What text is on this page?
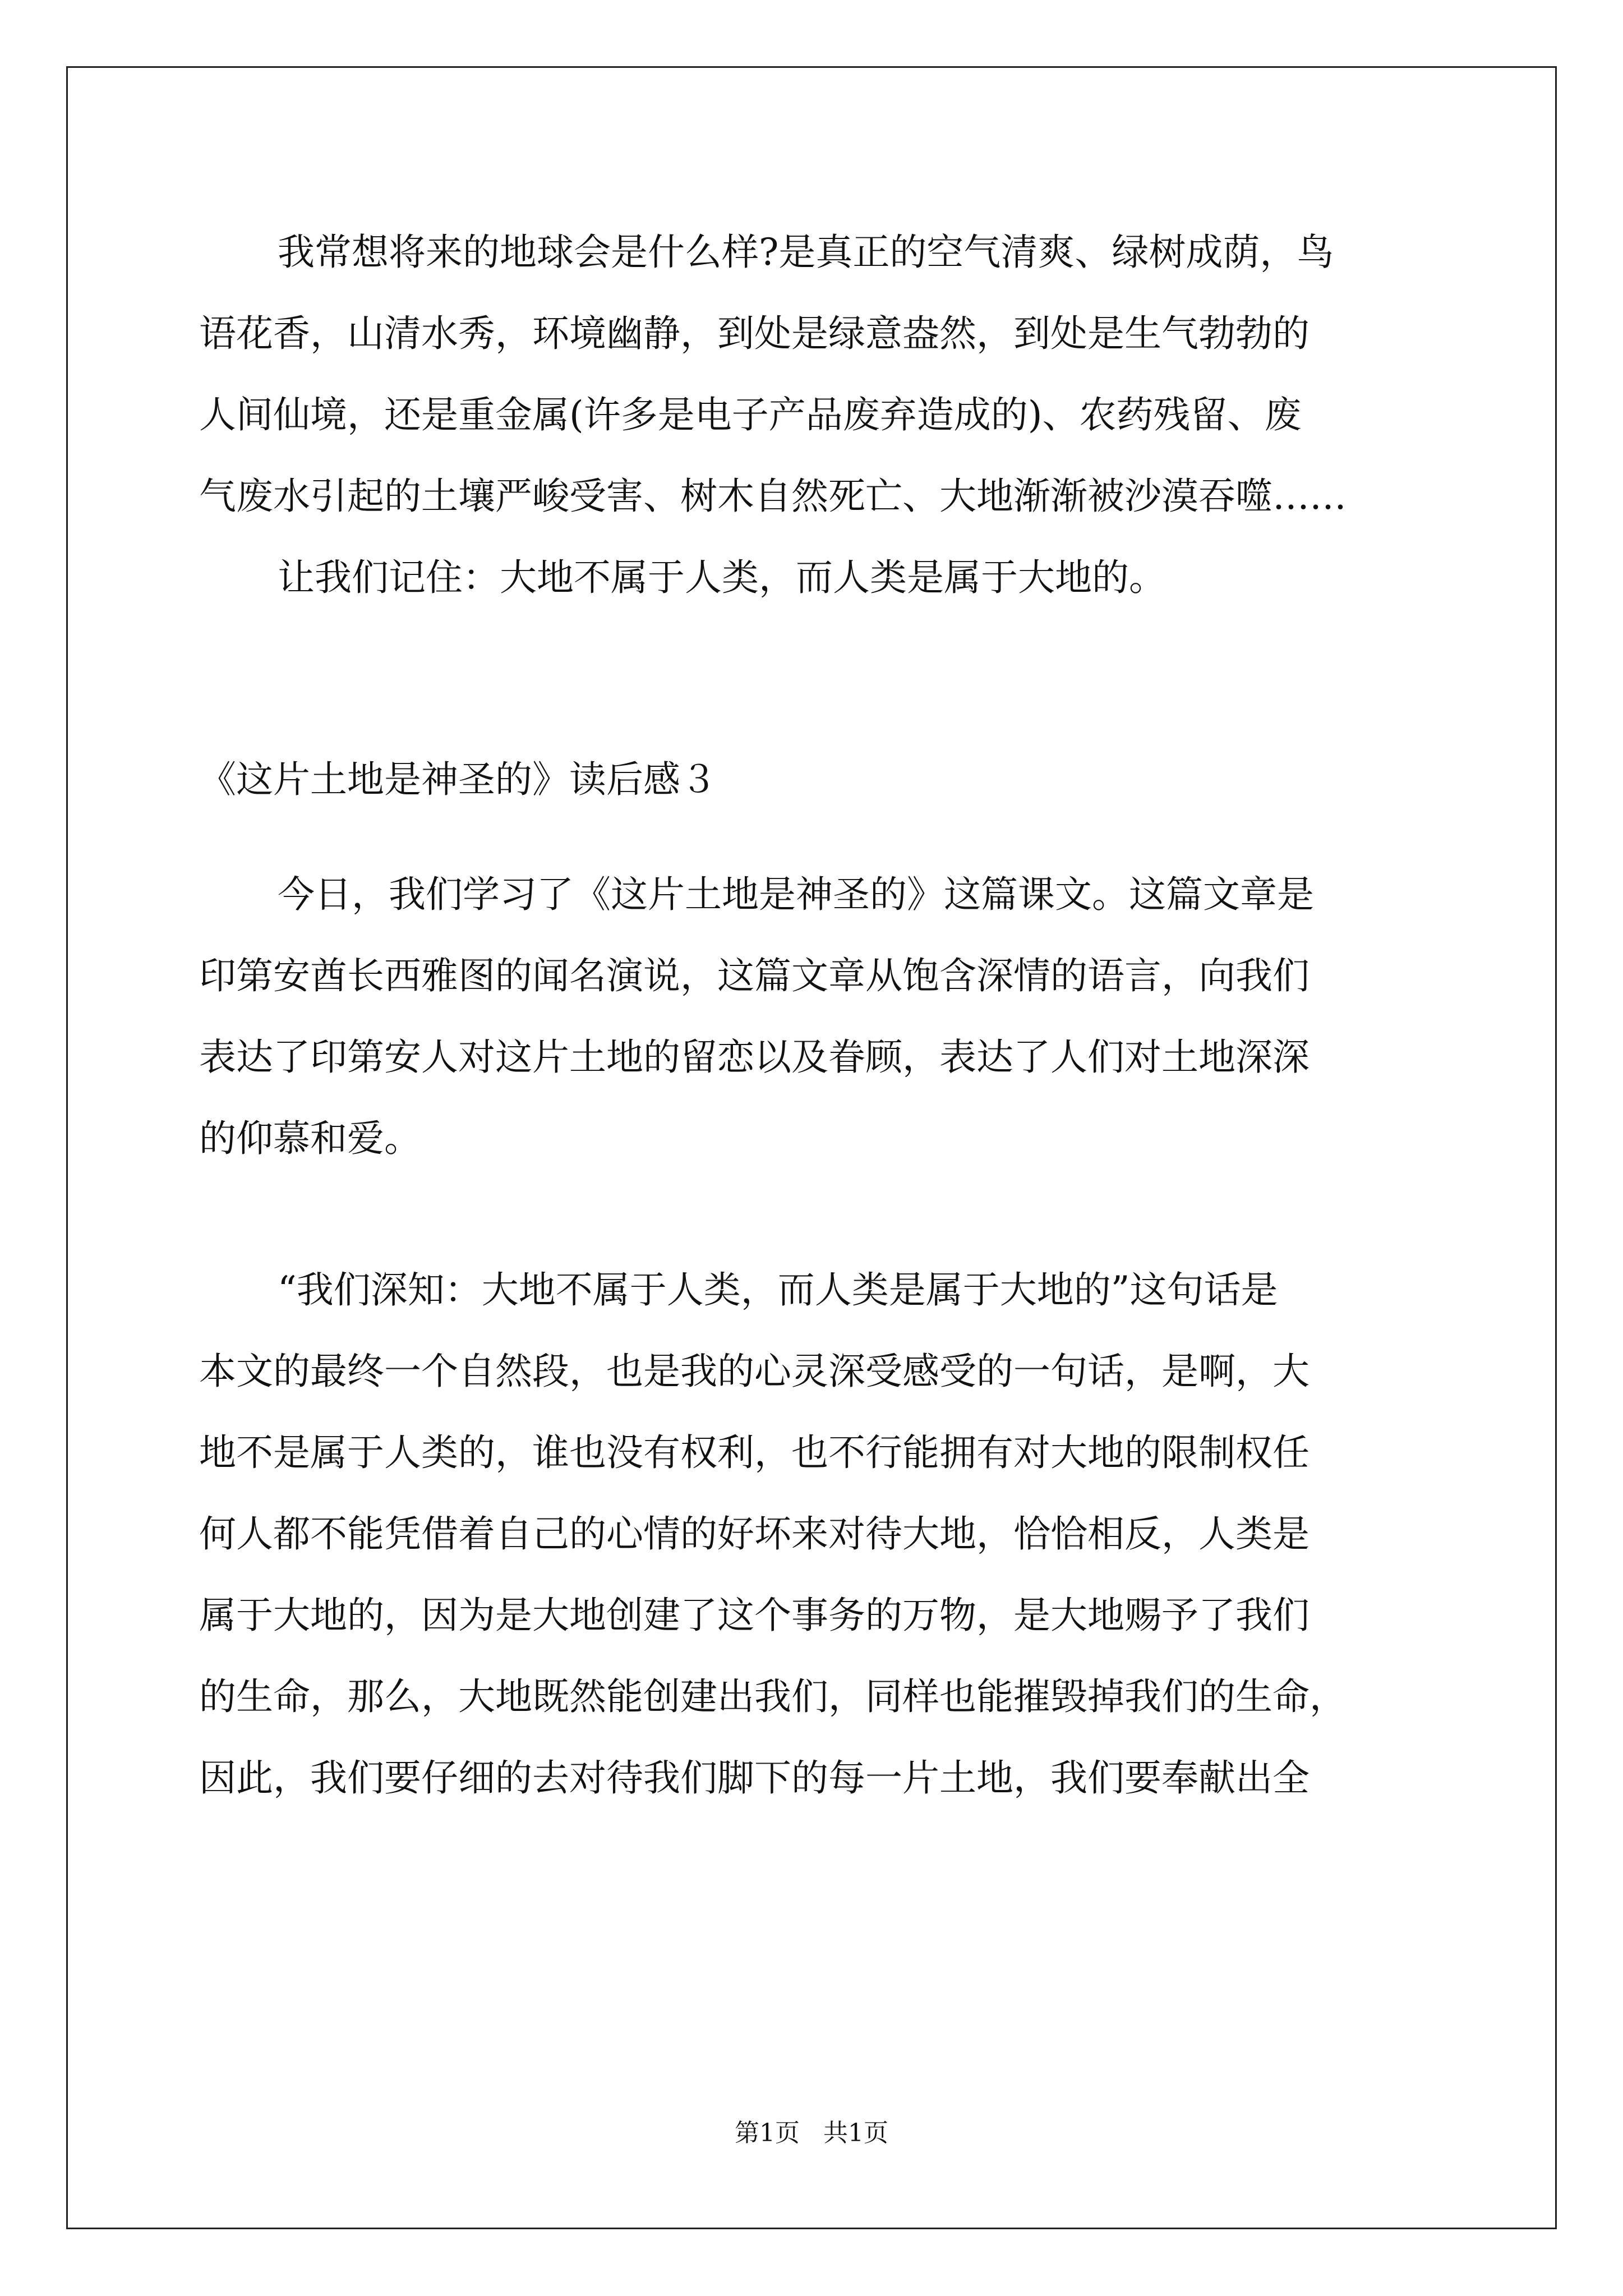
我常想将来的地球会是什么样?是真正的空气清爽、绿树成荫，鸟
语花香，山清水秀，环境幽静，到处是绿意盎然，到处是生气勃勃的
人间仙境，还是重金属(许多是电子产品废弃造成的)、农药残留、废
气废水引起的土壤严峻受害、树木自然死亡、大地渐渐被沙漠吞噬……
让我们记住：大地不属于人类，而人类是属于大地的。
《这片土地是神圣的》读后感３
今日，我们学习了《这片土地是神圣的》这篇课文。这篇文章是
印第安酋长西雅图的闻名演说，这篇文章从饱含深情的语言，向我们
表达了印第安人对这片土地的留恋以及眷顾，表达了人们对土地深深
的仰慕和爱。
“我们深知：大地不属于人类，而人类是属于大地的”这句话是
本文的最终一个自然段，也是我的心灵深受感受的一句话，是啊，大
地不是属于人类的，谁也没有权利，也不行能拥有对大地的限制权任
何人都不能凭借着自己的心情的好坏来对待大地，恰恰相反，人类是
属于大地的，因为是大地创建了这个事务的万物，是大地赐予了我们
的生命，那么，大地既然能创建出我们，同样也能摧毁掉我们的生命，
因此，我们要仔细的去对待我们脚下的每一片土地，我们要奉献出全
第1页   共1页
